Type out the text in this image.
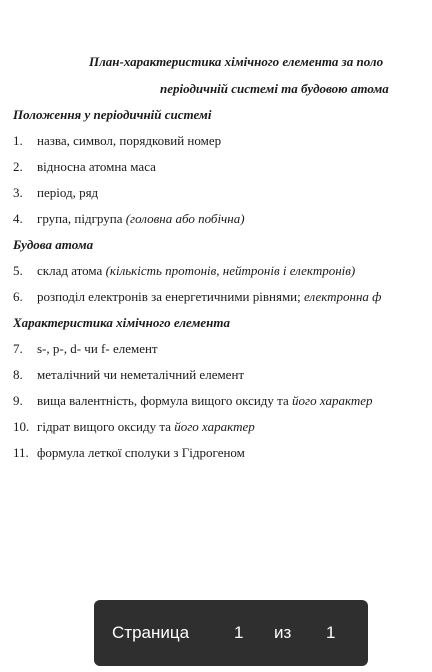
План-характеристика хімічного елемента за поло
періодичній системі та будовою атома
Положення у періодичній системі
1. назва, символ, порядковий номер
2. відносна атомна маса
3. період, ряд
4. група, підгрупа (головна або побічна)
Будова атома
5. склад атома (кількість протонів, нейтронів і електронів)
6. розподіл електронів за енергетичними рівнями; електронна ф
Характеристика хімічного елемента
7. s-, p-, d- чи f- елемент
8. металічний чи неметалічний елемент
9. вища валентність, формула вищого оксиду та його характер
10. гідрат вищого оксиду та його характер
11. формула леткої сполуки з Гідрогеном
Страница	1 из 1
